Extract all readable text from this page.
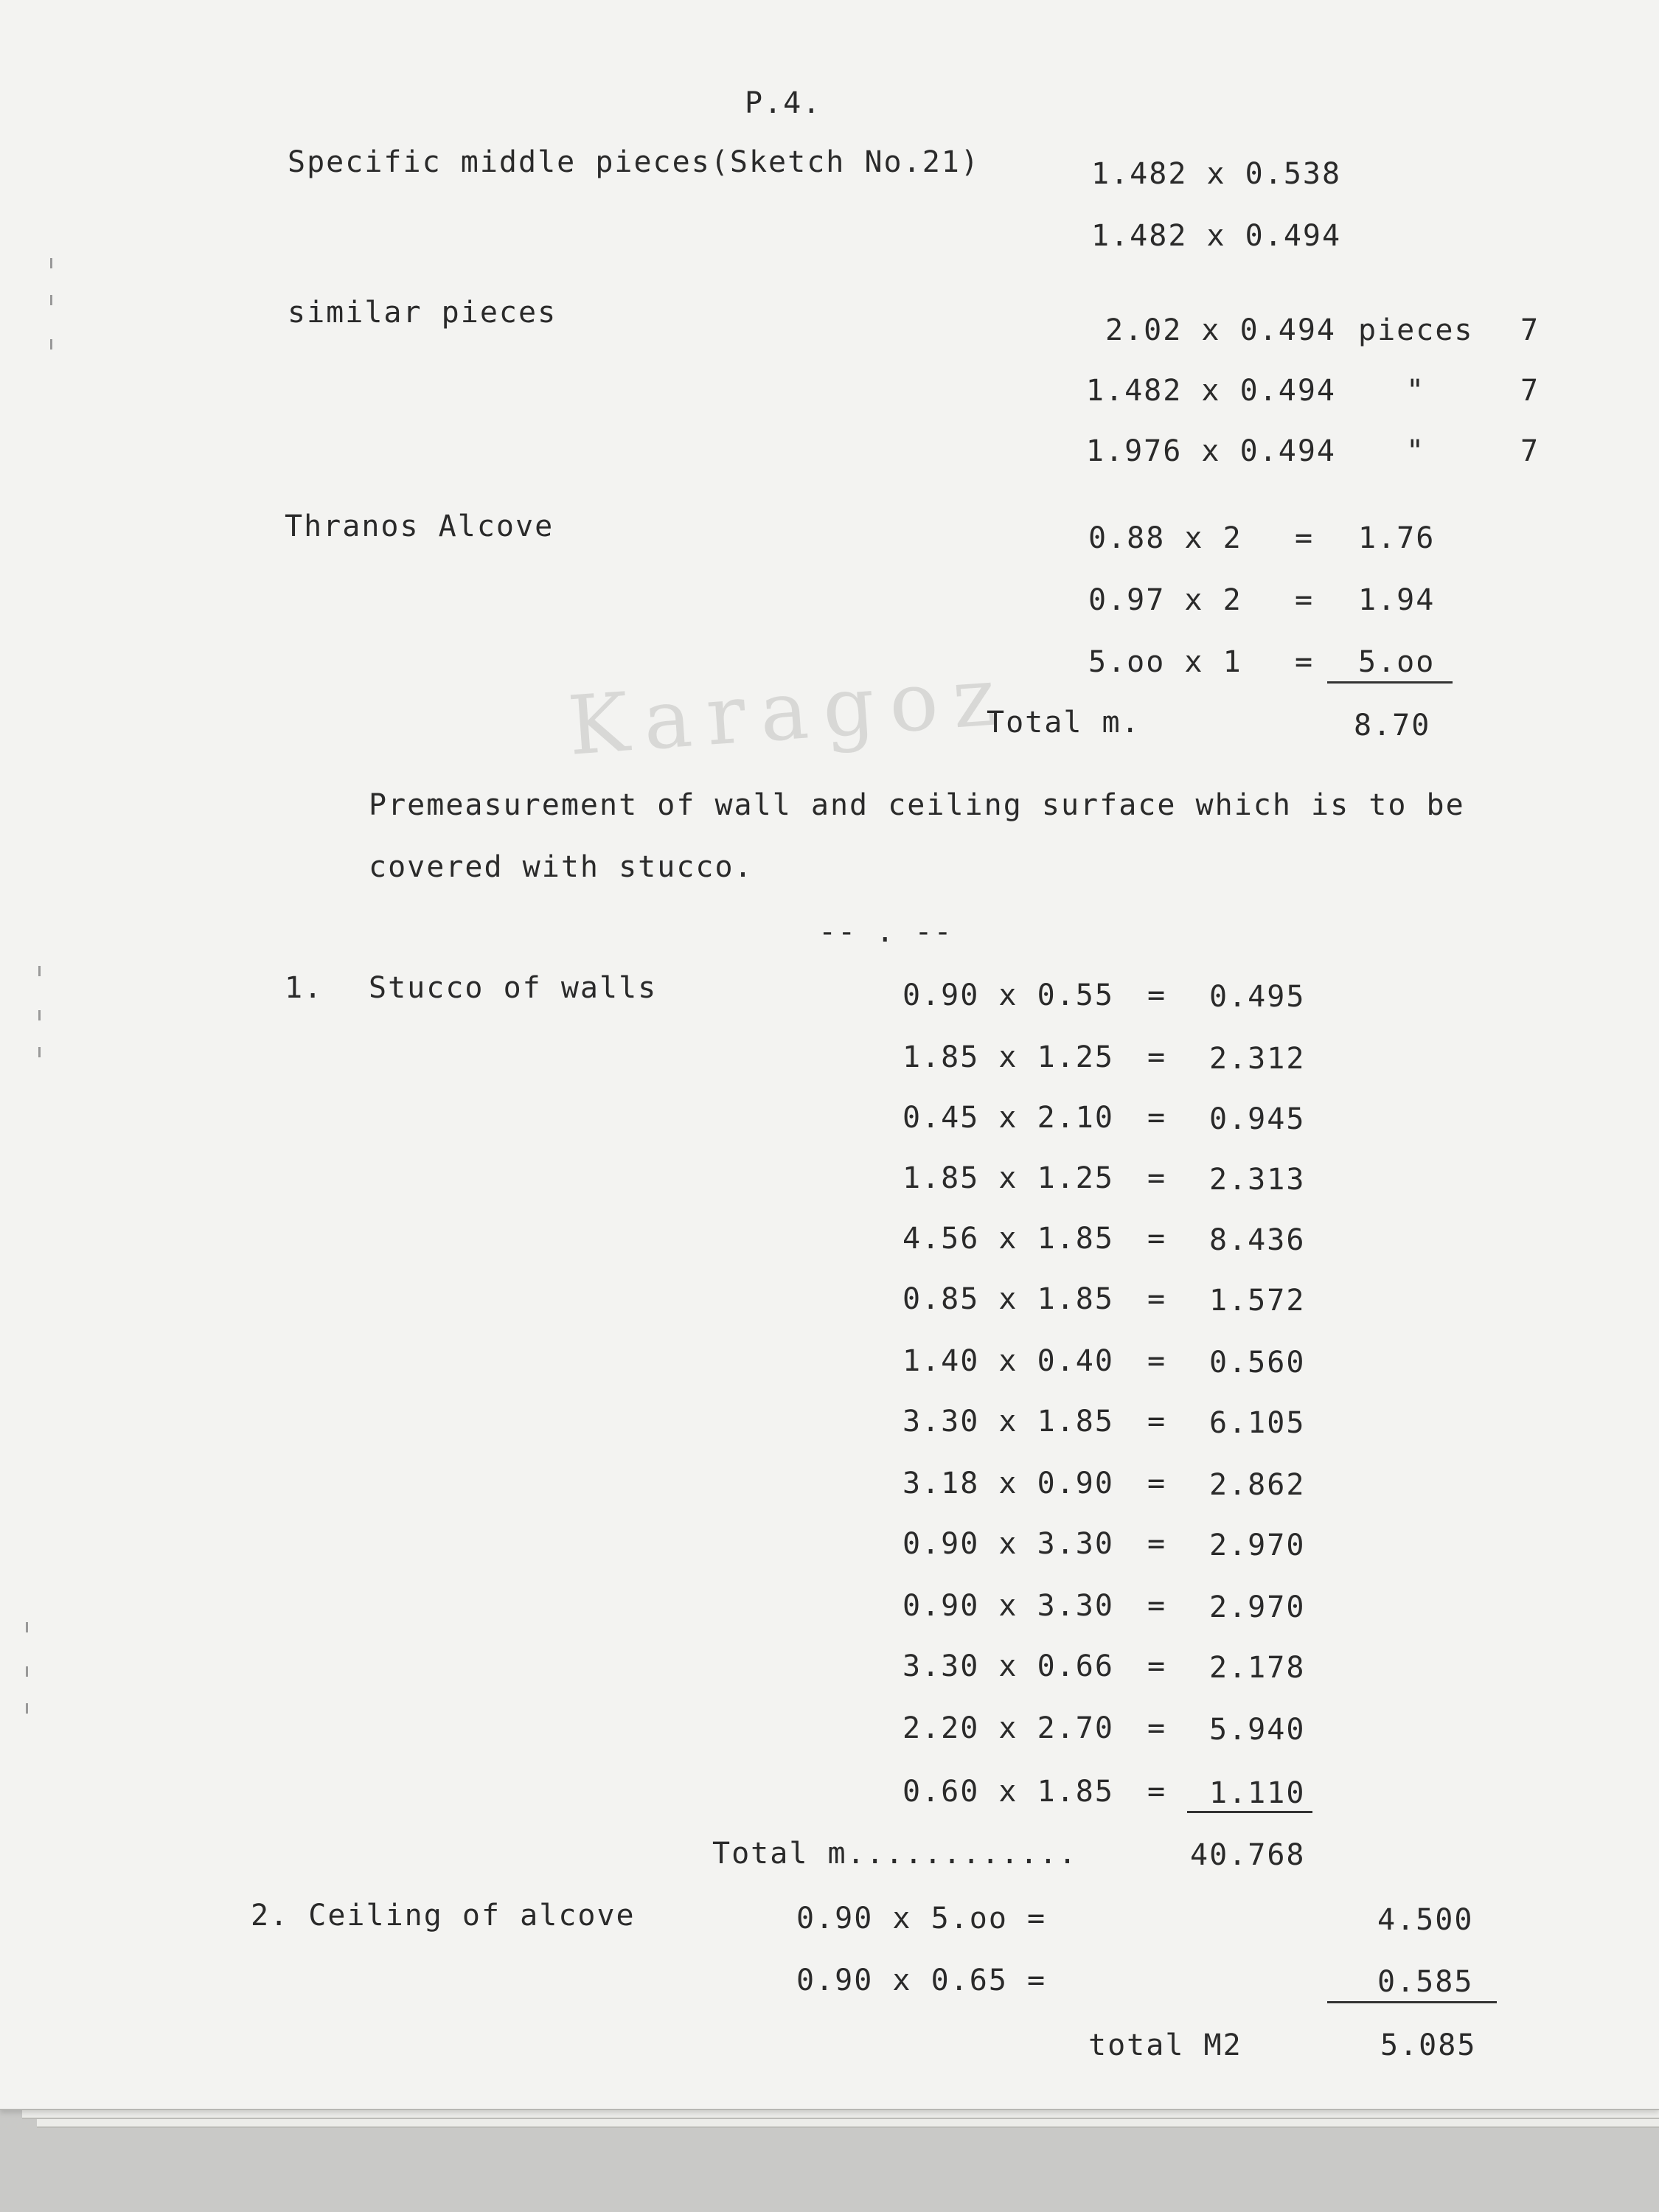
Karagoz
P.4.
Specific middle pieces(Sketch No.21)	1.482 x 0.538
1.482 x 0.494
similar pieces
2.02 x 0.494 pieces 7
1.482 x 0.494	"	7
1.976 x 0.494	"	7
Thranos Alcove	0.88 x 2 = 1.76
0.97 x 2 = 1.94
5.oo x 1 = 5.oo
Total m.	8.70
Premeasurement of wall and ceiling surface which is to be
covered with stucco.
-- . --
1. Stucco of walls	0.90 x 0.55 = 0.495
1.85 x 1.25 = 2.312
0.45 x 2.10 = 0.945
1.85 x 1.25 = 2.313
4.56 x 1.85 = 8.436
0.85 x 1.85 = 1.572
1.40 x 0.40 = 0.560
3.30 x 1.85 = 6.105
3.18 x 0.90 = 2.862
0.90 x 3.30 = 2.970
0.90 x 3.30 = 2.970
3.30 x 0.66 = 2.178
2.20 x 2.70 = 5.940
0.60 x 1.85 = 1.110
Total m............	40.768
2. Ceiling of alcove	0.90 x 5.oo =	4.500
0.90 x 0.65 =	0.585
total M2	5.085
